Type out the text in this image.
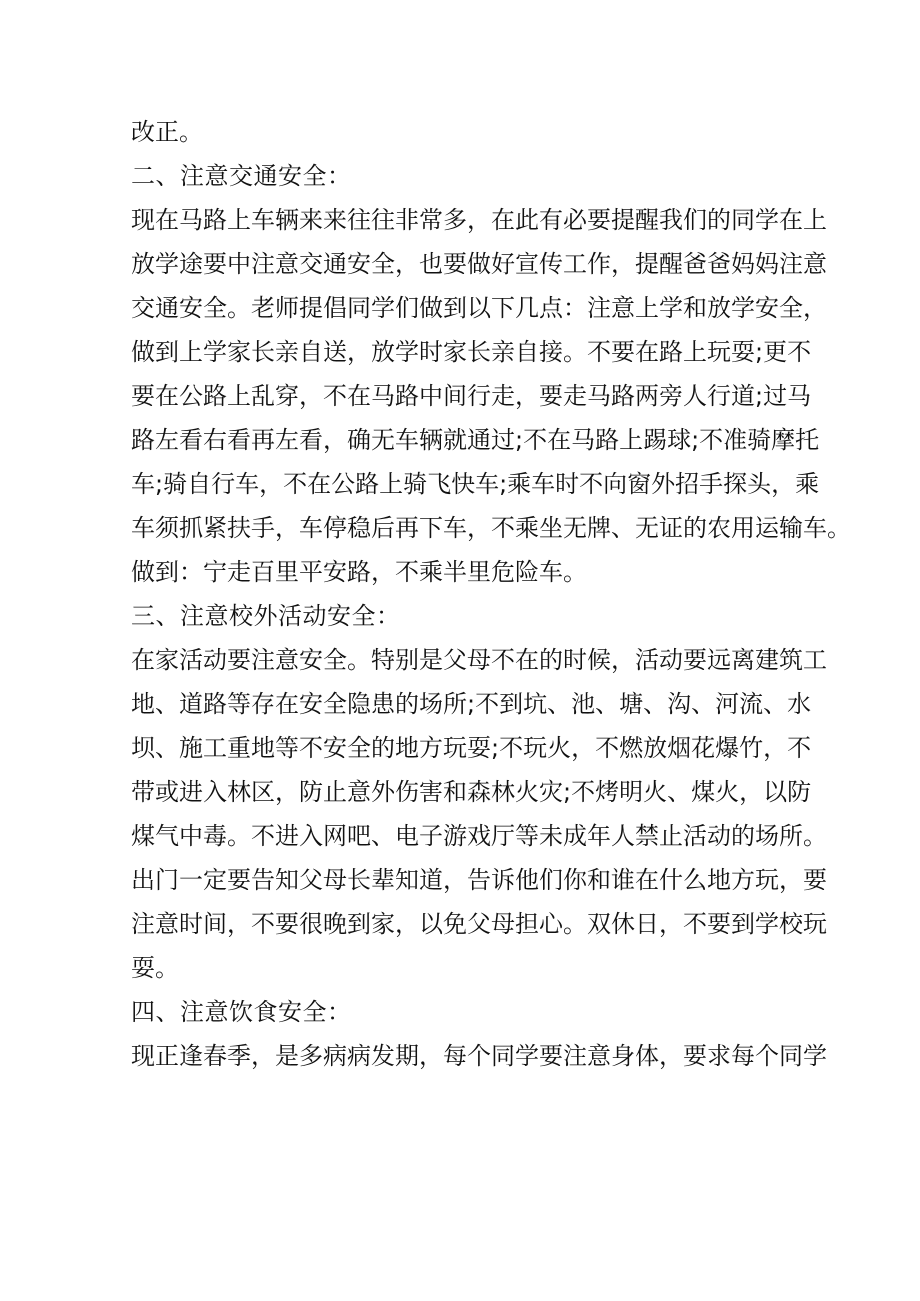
改正。

二、注意交通安全：

现在马路上车辆来来往往非常多，在此有必要提醒我们的同学在上

放学途要中注意交通安全，也要做好宣传工作，提醒爸爸妈妈注意

交通安全。老师提倡同学们做到以下几点：注意上学和放学安全，

做到上学家长亲自送，放学时家长亲自接。不要在路上玩耍;更不

要在公路上乱穿，不在马路中间行走，要走马路两旁人行道;过马

路左看右看再左看，确无车辆就通过;不在马路上踢球;不准骑摩托

车;骑自行车，不在公路上骑飞快车;乘车时不向窗外招手探头，乘

车须抓紧扶手，车停稳后再下车，不乘坐无牌、无证的农用运输车。

做到：宁走百里平安路，不乘半里危险车。

三、注意校外活动安全：

在家活动要注意安全。特别是父母不在的时候，活动要远离建筑工

地、道路等存在安全隐患的场所;不到坑、池、塘、沟、河流、水

坝、施工重地等不安全的地方玩耍;不玩火，不燃放烟花爆竹，不

带或进入林区，防止意外伤害和森林火灾;不烤明火、煤火，以防

煤气中毒。不进入网吧、电子游戏厅等未成年人禁止活动的场所。

出门一定要告知父母长辈知道，告诉他们你和谁在什么地方玩，要

注意时间，不要很晚到家，以免父母担心。双休日，不要到学校玩

耍。

四、注意饮食安全：

现正逢春季，是多病病发期，每个同学要注意身体，要求每个同学
